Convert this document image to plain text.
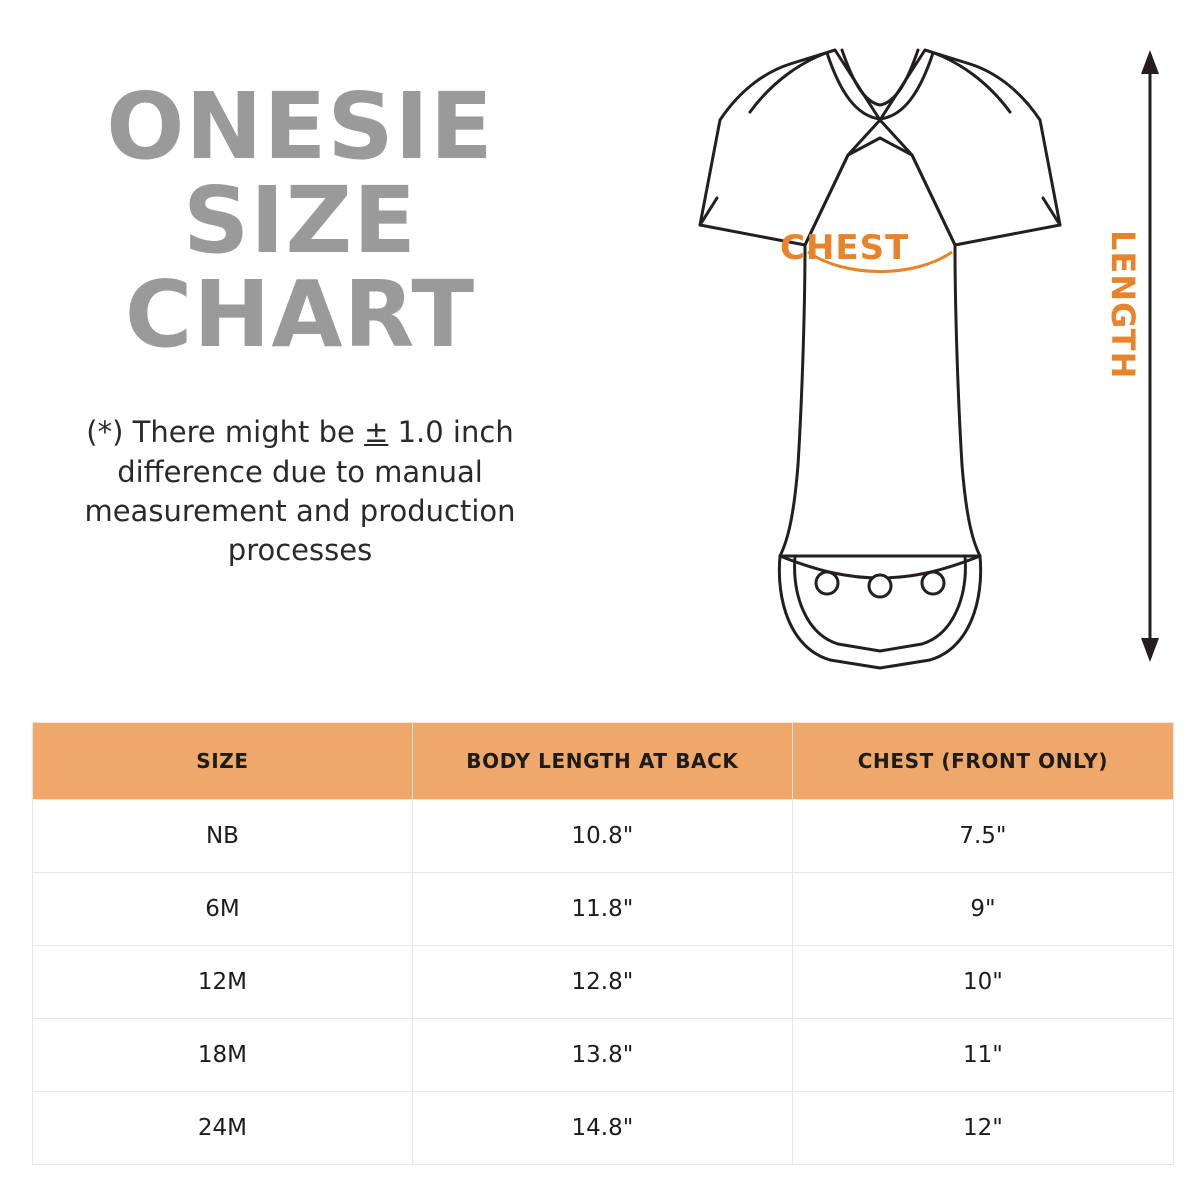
ONESIE
SIZE
CHART

(*) There might be ± 1.0 inch difference due to manual measurement and production processes

CHEST	LENGTH
SIZE	BODY LENGTH AT BACK	CHEST (FRONT ONLY)
NB	10.8"	7.5"
6M	11.8"	9"
12M	12.8"	10"
18M	13.8"	11"
24M	14.8"	12"
